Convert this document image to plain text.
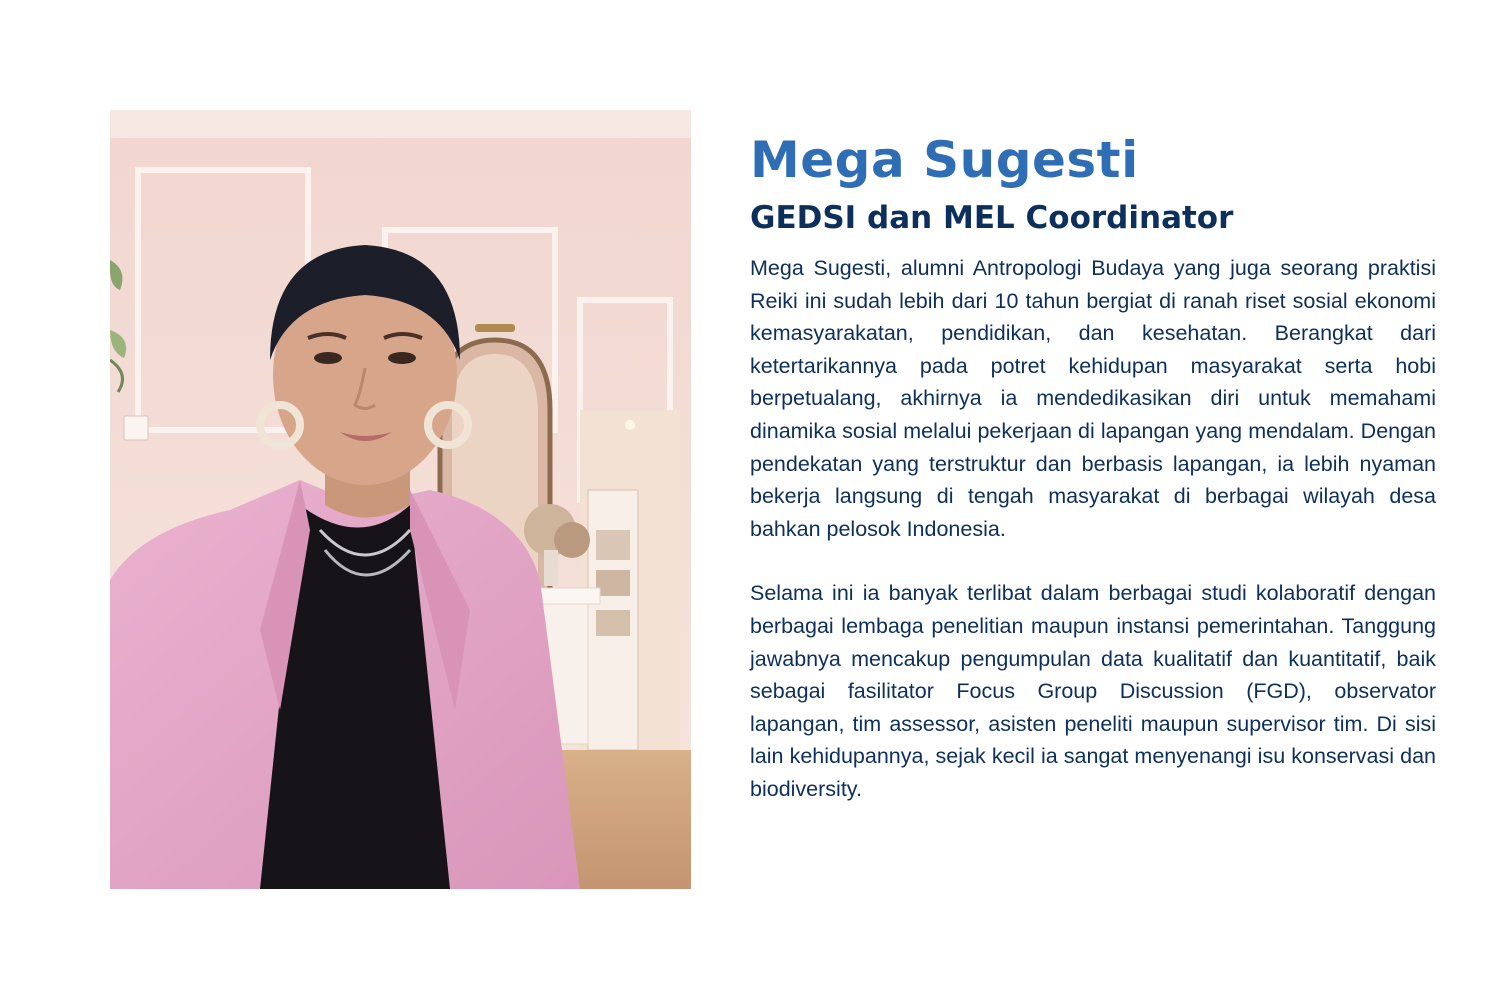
Mega Sugesti
GEDSI dan MEL Coordinator

Mega Sugesti, alumni Antropologi Budaya yang juga seorang praktisi Reiki ini sudah lebih dari 10 tahun bergiat di ranah riset sosial ekonomi kemasyarakatan, pendidikan, dan kesehatan. Berangkat dari ketertarikannya pada potret kehidupan masyarakat serta hobi berpetualang, akhirnya ia mendedikasikan diri untuk memahami dinamika sosial melalui pekerjaan di lapangan yang mendalam. Dengan pendekatan yang terstruktur dan berbasis lapangan, ia lebih nyaman bekerja langsung di tengah masyarakat di berbagai wilayah desa bahkan pelosok Indonesia.

Selama ini ia banyak terlibat dalam berbagai studi kolaboratif dengan berbagai lembaga penelitian maupun instansi pemerintahan. Tanggung jawabnya mencakup pengumpulan data kualitatif dan kuantitatif, baik sebagai fasilitator Focus Group Discussion (FGD), observator lapangan, tim assessor, asisten peneliti maupun supervisor tim. Di sisi lain kehidupannya, sejak kecil ia sangat menyenangi isu konservasi dan biodiversity.
